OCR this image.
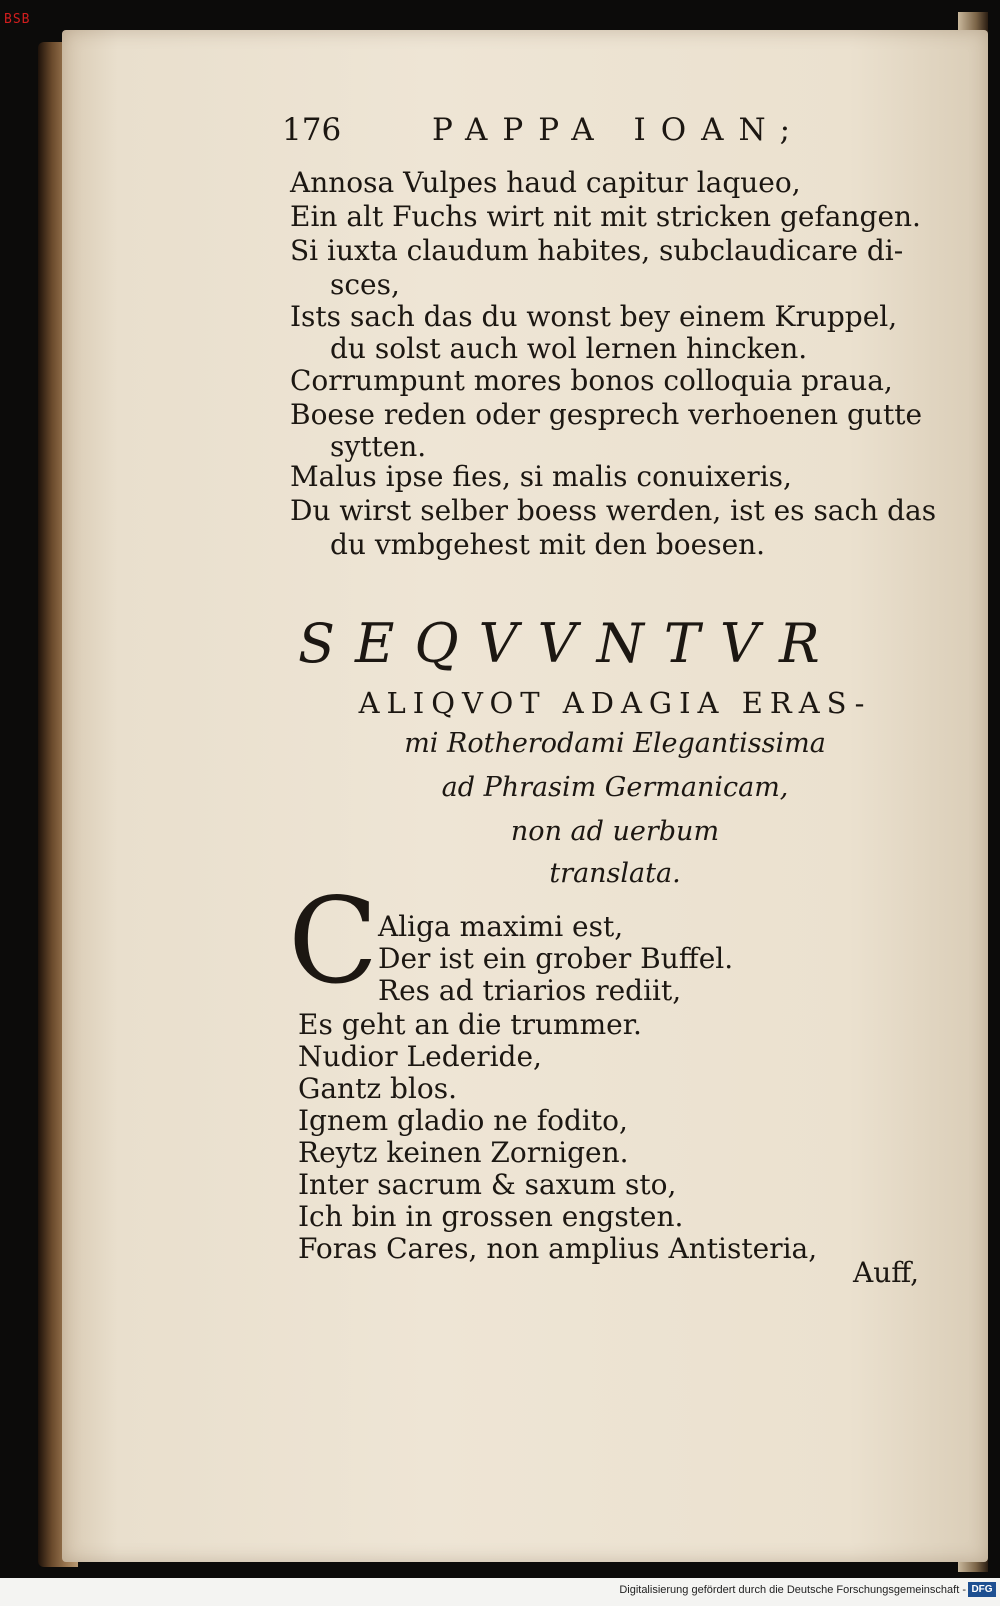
BSB
176	PAPPA IOAN;
Annosa Vulpes haud capitur laqueo,
Ein alt Fuchs wirt nit mit stricken gefangen.
Si iuxta claudum habites, subclaudicare di-
sces,
Ists sach das du wonst bey einem Kruppel,
du solst auch wol lernen hincken.
Corrumpunt mores bonos colloquia praua,
Boese reden oder gesprech verhoenen gutte
sytten.
Malus ipse fies, si malis conuixeris,
Du wirst selber boess werden, ist es sach das
du vmbgehest mit den boesen.
SEQVVNTVR
ALIQVOT ADAGIA ERAS-
mi Rotherodami Elegantissima
ad Phrasim Germanicam,
non ad uerbum
translata.
C Aliga maximi est,
Der ist ein grober Buffel.
Res ad triarios rediit,
Es geht an die trummer.
Nudior Lederide,
Gantz blos.
Ignem gladio ne fodito,
Reytz keinen Zornigen.
Inter sacrum & saxum sto,
Ich bin in grossen engsten.
Foras Cares, non amplius Antisteria,
Auff,
Digitalisierung gefördert durch die Deutsche Forschungsgemeinschaft - DFG
